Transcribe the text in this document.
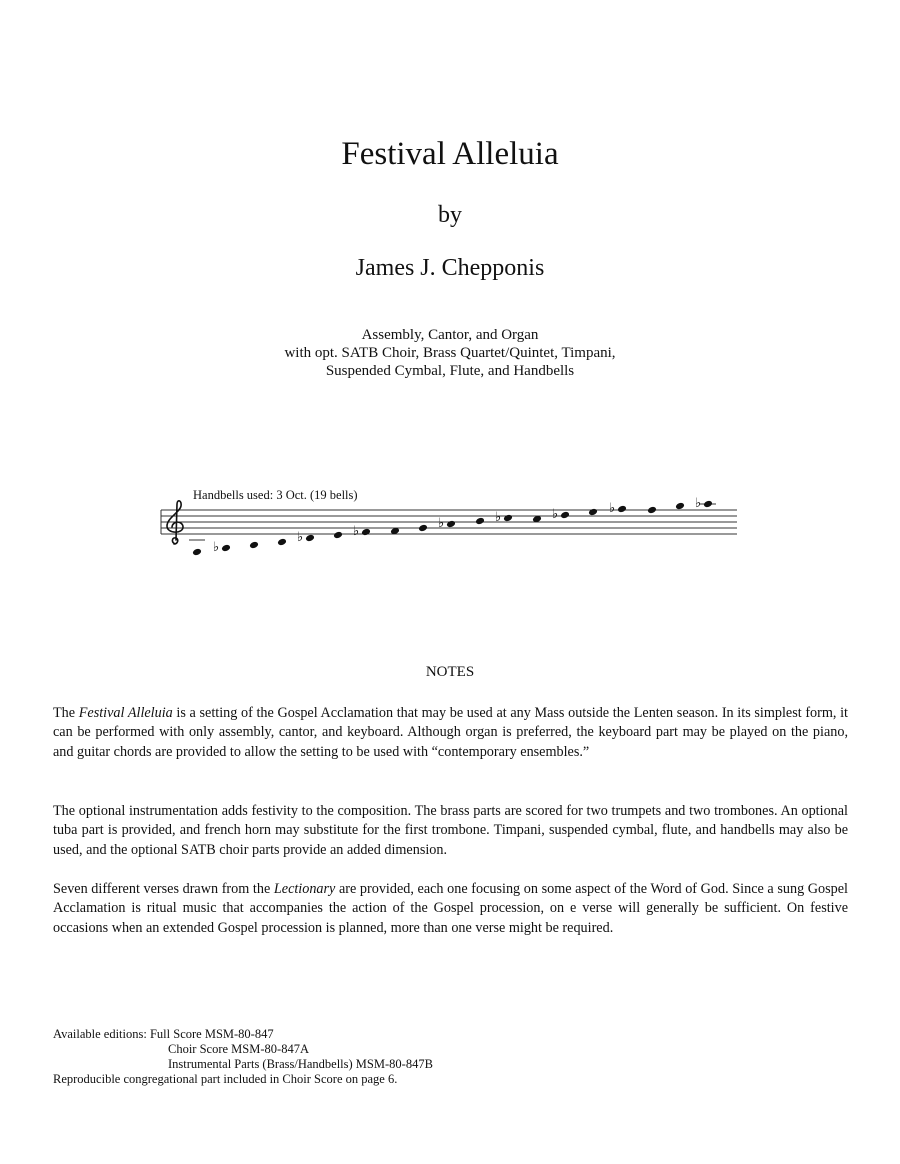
Festival Alleluia
by
James J. Chepponis
Assembly, Cantor, and Organ
with opt. SATB Choir, Brass Quartet/Quintet, Timpani,
Suspended Cymbal, Flute, and Handbells
Handbells used: 3 Oct. (19 bells)
♭
♭	♭
♭	♭	♭	♭	♭
NOTES
The Festival Alleluia is a setting of the Gospel Acclamation that may be used at any Mass outside the Lenten season. In its simplest form, it can be performed with only assembly, cantor, and keyboard. Although organ is preferred, the keyboard part may be played on the piano, and guitar chords are provided to allow the setting to be used with “contemporary ensembles.”
The optional instrumentation adds festivity to the composition. The brass parts are scored for two trumpets and two trombones. An optional tuba part is provided, and french horn may substitute for the first trombone. Timpani, suspended cymbal, flute, and handbells may also be used, and the optional SATB choir parts provide an added dimension.
Seven different verses drawn from the Lectionary are provided, each one focusing on some aspect of the Word of God. Since a sung Gospel Acclamation is ritual music that accompanies the action of the Gospel procession, on e verse will generally be sufficient. On festive occasions when an extended Gospel procession is planned, more than one verse might be required.
Available editions: Full Score MSM-80-847
Choir Score MSM-80-847A
Instrumental Parts (Brass/Handbells) MSM-80-847B
Reproducible congregational part included in Choir Score on page 6.
